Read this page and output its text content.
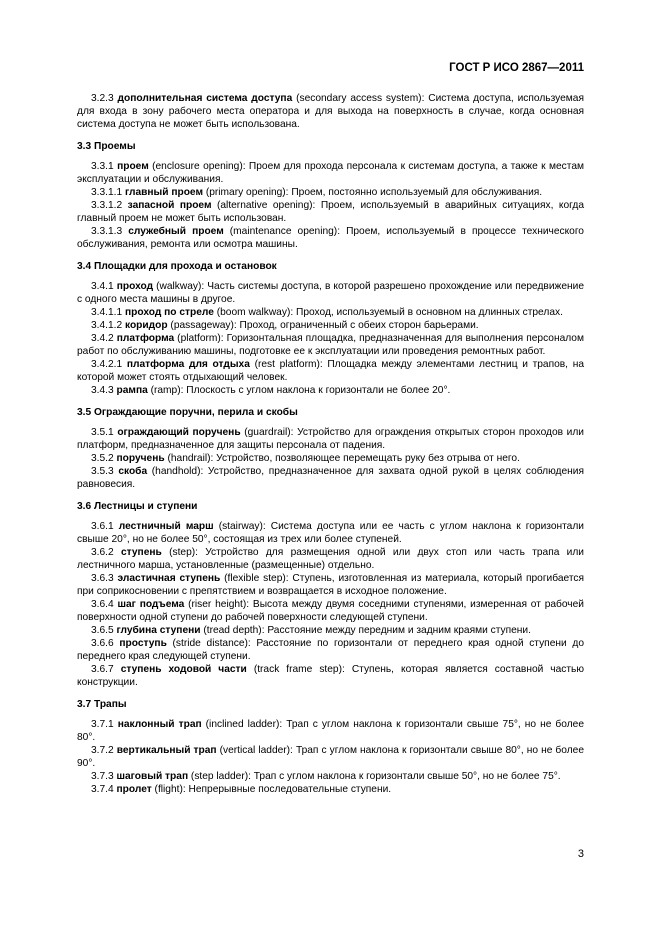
ГОСТ Р ИСО 2867—2011

3.2.3 дополнительная система доступа (secondary access system): Система доступа, используемая для входа в зону рабочего места оператора и для выхода на поверхность в случае, когда основная система доступа не может быть использована.

3.3 Проемы

3.3.1 проем (enclosure opening): Проем для прохода персонала к системам доступа, а также к местам эксплуатации и обслуживания.

3.3.1.1 главный проем (primary opening): Проем, постоянно используемый для обслуживания.

3.3.1.2 запасной проем (alternative opening): Проем, используемый в аварийных ситуациях, когда главный проем не может быть использован.

3.3.1.3 служебный проем (maintenance opening): Проем, используемый в процессе технического обслуживания, ремонта или осмотра машины.

3.4 Площадки для прохода и остановок

3.4.1 проход (walkway): Часть системы доступа, в которой разрешено прохождение или передвижение с одного места машины в другое.

3.4.1.1 проход по стреле (boom walkway): Проход, используемый в основном на длинных стрелах.

3.4.1.2 коридор (passageway): Проход, ограниченный с обеих сторон барьерами.

3.4.2 платформа (platform): Горизонтальная площадка, предназначенная для выполнения персоналом работ по обслуживанию машины, подготовке ее к эксплуатации или проведения ремонтных работ.

3.4.2.1 платформа для отдыха (rest platform): Площадка между элементами лестниц и трапов, на которой может стоять отдыхающий человек.

3.4.3 рампа (ramp): Плоскость с углом наклона к горизонтали не более 20°.

3.5 Ограждающие поручни, перила и скобы

3.5.1 ограждающий поручень (guardrail): Устройство для ограждения открытых сторон проходов или платформ, предназначенное для защиты персонала от падения.

3.5.2 поручень (handrail): Устройство, позволяющее перемещать руку без отрыва от него.

3.5.3 скоба (handhold): Устройство, предназначенное для захвата одной рукой в целях соблюдения равновесия.

3.6 Лестницы и ступени

3.6.1 лестничный марш (stairway): Система доступа или ее часть с углом наклона к горизонтали свыше 20°, но не более 50°, состоящая из трех или более ступеней.

3.6.2 ступень (step): Устройство для размещения одной или двух стоп или часть трапа или лестничного марша, установленные (размещенные) отдельно.

3.6.3 эластичная ступень (flexible step): Ступень, изготовленная из материала, который прогибается при соприкосновении с препятствием и возвращается в исходное положение.

3.6.4 шаг подъема (riser height): Высота между двумя соседними ступенями, измеренная от рабочей поверхности одной ступени до рабочей поверхности следующей ступени.

3.6.5 глубина ступени (tread depth): Расстояние между передним и задним краями ступени.

3.6.6 проступь (stride distance): Расстояние по горизонтали от переднего края одной ступени до переднего края следующей ступени.

3.6.7 ступень ходовой части (track frame step): Ступень, которая является составной частью конструкции.

3.7 Трапы

3.7.1 наклонный трап (inclined ladder): Трап с углом наклона к горизонтали свыше 75°, но не более 80°.

3.7.2 вертикальный трап (vertical ladder): Трап с углом наклона к горизонтали свыше 80°, но не более 90°.

3.7.3 шаговый трап (step ladder): Трап с углом наклона к горизонтали свыше 50°, но не более 75°.

3.7.4 пролет (flight): Непрерывные последовательные ступени.

3
